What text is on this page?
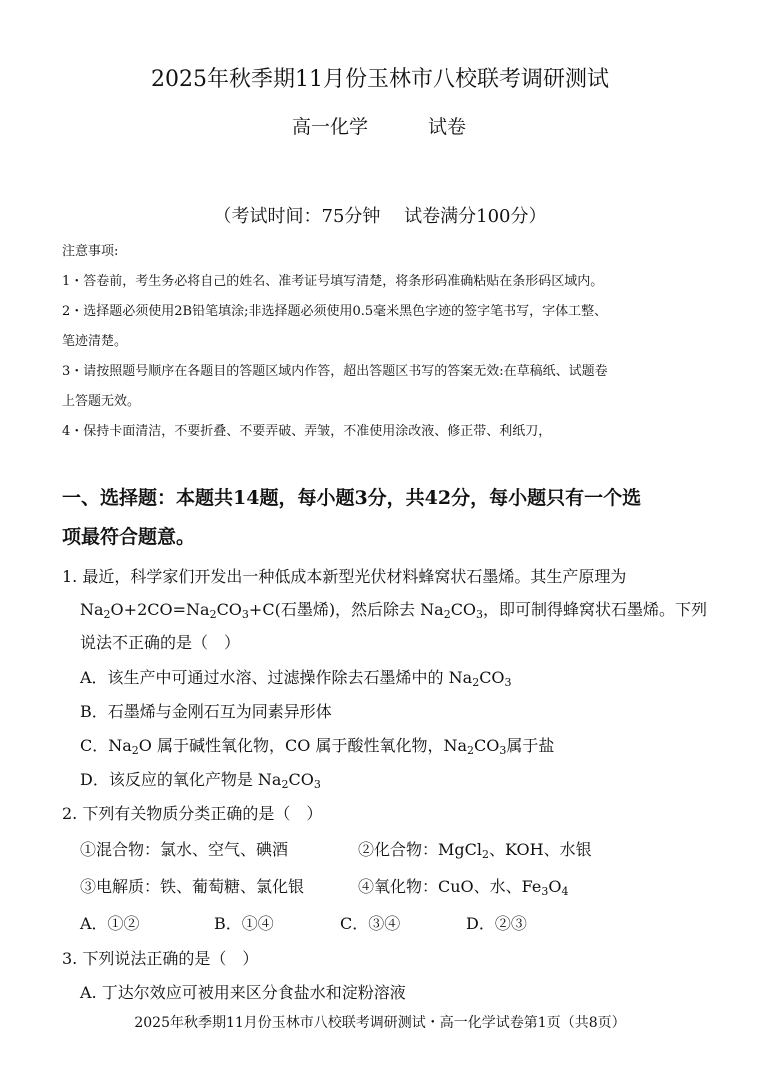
2025年秋季期11月份玉林市八校联考调研测试
高一化学	试卷
（考试时间：75分钟　 试卷满分100分）
注意事项:
1・答卷前，考生务必将自己的姓名、准考证号填写清楚，将条形码准确粘贴在条形码区域内。
2・选择题必须使用2B铅笔填涂;非选择题必须使用0.5毫米黑色字迹的签字笔书写，字体工整、
笔迹清楚。
3・请按照题号顺序在各题目的答题区域内作答，超出答题区书写的答案无效:在草稿纸、试题卷
上答题无效。
4・保持卡面清洁，不要折叠、不要弄破、弄皱，不准使用涂改液、修正带、利纸刀，
一、选择题：本题共14题，每小题3分，共42分，每小题只有一个选
项最符合题意。
1. 最近，科学家们开发出一种低成本新型光伏材料蜂窝状石墨烯。其生产原理为
$Na_2O+2CO=Na_2CO_3+C$(石墨烯)，然后除去 $Na_2CO_3$，即可制得蜂窝状石墨烯。下列
说法不正确的是（　）
A．该生产中可通过水溶、过滤操作除去石墨烯中的 $Na_2CO_3$
B．石墨烯与金刚石互为同素异形体
C．$Na_2O$ 属于碱性氧化物，CO 属于酸性氧化物，$Na_2CO_3$属于盐
D．该反应的氧化产物是 $Na_2CO_3$
2. 下列有关物质分类正确的是（　）
①混合物：氯水、空气、碘酒	②化合物：MgCl$_2$、KOH、水银
③电解质：铁、葡萄糖、氯化银	④氧化物：CuO、水、$Fe_3O_4$
A．①②	B．①④	C．③④	D．②③
3. 下列说法正确的是（　）
A. 丁达尔效应可被用来区分食盐水和淀粉溶液
2025年秋季期11月份玉林市八校联考调研测试・高一化学试卷第1页（共8页）
